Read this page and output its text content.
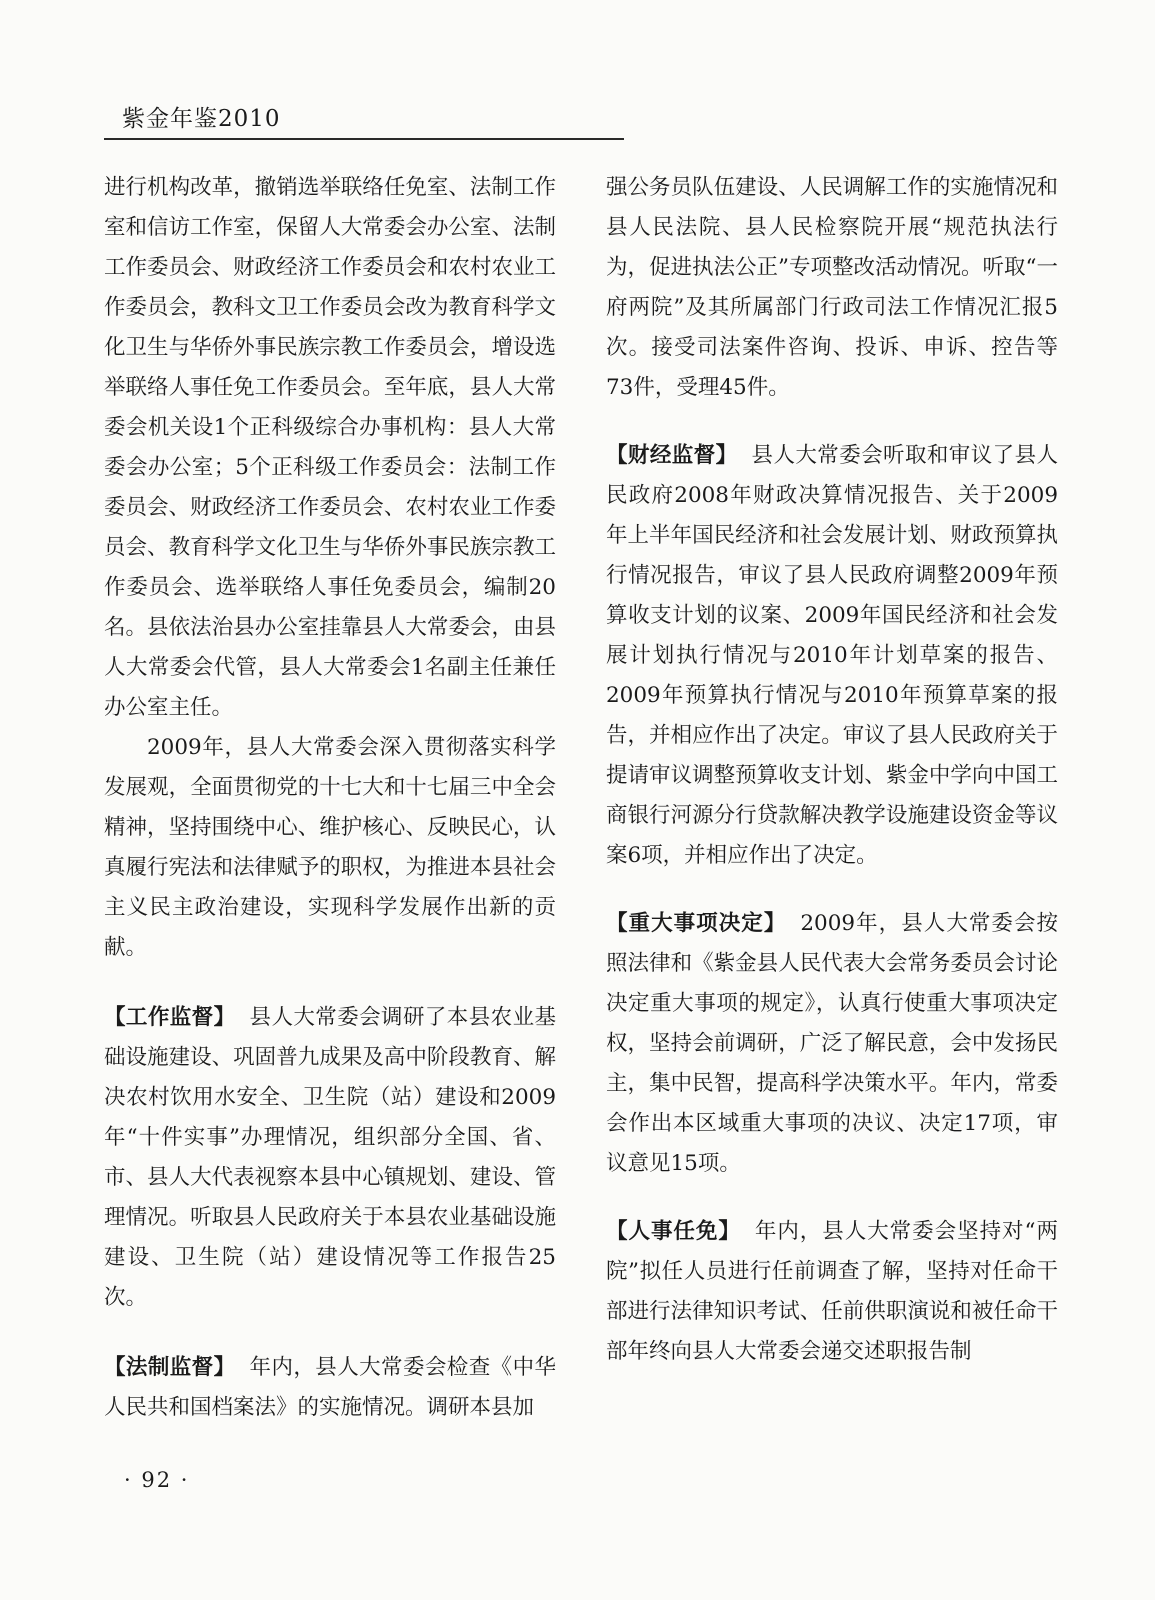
紫金年鉴2010

进行机构改革，撤销选举联络任免室、法制工作室和信访工作室，保留人大常委会办公室、法制工作委员会、财政经济工作委员会和农村农业工作委员会，教科文卫工作委员会改为教育科学文化卫生与华侨外事民族宗教工作委员会，增设选举联络人事任免工作委员会。至年底，县人大常委会机关设1个正科级综合办事机构：县人大常委会办公室；5个正科级工作委员会：法制工作委员会、财政经济工作委员会、农村农业工作委员会、教育科学文化卫生与华侨外事民族宗教工作委员会、选举联络人事任免委员会，编制20名。县依法治县办公室挂靠县人大常委会，由县人大常委会代管，县人大常委会1名副主任兼任办公室主任。

2009年，县人大常委会深入贯彻落实科学发展观，全面贯彻党的十七大和十七届三中全会精神，坚持围绕中心、维护核心、反映民心，认真履行宪法和法律赋予的职权，为推进本县社会主义民主政治建设，实现科学发展作出新的贡献。

【工作监督】 县人大常委会调研了本县农业基础设施建设、巩固普九成果及高中阶段教育、解决农村饮用水安全、卫生院（站）建设和2009年“十件实事”办理情况，组织部分全国、省、市、县人大代表视察本县中心镇规划、建设、管理情况。听取县人民政府关于本县农业基础设施建设、卫生院（站）建设情况等工作报告25次。

【法制监督】 年内，县人大常委会检查《中华人民共和国档案法》的实施情况。调研本县加

强公务员队伍建设、人民调解工作的实施情况和县人民法院、县人民检察院开展“规范执法行为，促进执法公正”专项整改活动情况。听取“一府两院”及其所属部门行政司法工作情况汇报5次。接受司法案件咨询、投诉、申诉、控告等73件，受理45件。

【财经监督】 县人大常委会听取和审议了县人民政府2008年财政决算情况报告、关于2009年上半年国民经济和社会发展计划、财政预算执行情况报告，审议了县人民政府调整2009年预算收支计划的议案、2009年国民经济和社会发展计划执行情况与2010年计划草案的报告、2009年预算执行情况与2010年预算草案的报告，并相应作出了决定。审议了县人民政府关于提请审议调整预算收支计划、紫金中学向中国工商银行河源分行贷款解决教学设施建设资金等议案6项，并相应作出了决定。

【重大事项决定】 2009年，县人大常委会按照法律和《紫金县人民代表大会常务委员会讨论决定重大事项的规定》，认真行使重大事项决定权，坚持会前调研，广泛了解民意，会中发扬民主，集中民智，提高科学决策水平。年内，常委会作出本区域重大事项的决议、决定17项，审议意见15项。

【人事任免】 年内，县人大常委会坚持对“两院”拟任人员进行任前调查了解，坚持对任命干部进行法律知识考试、任前供职演说和被任命干部年终向县人大常委会递交述职报告制

· 92 ·
